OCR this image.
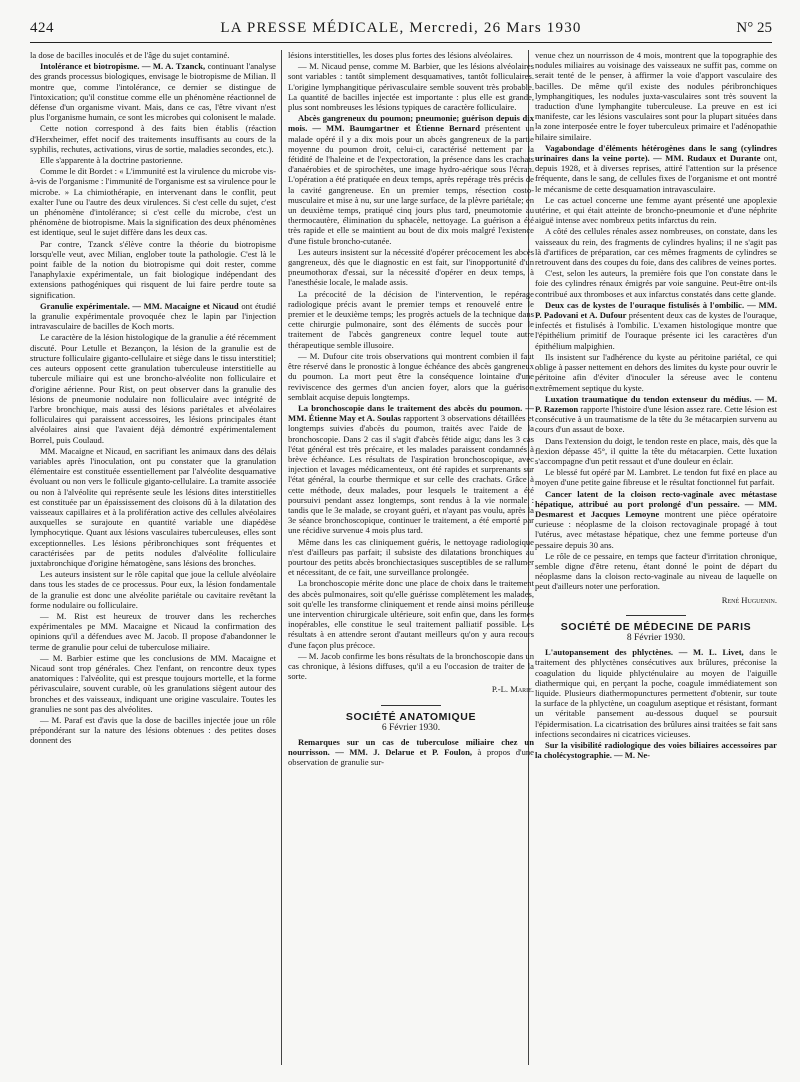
424	LA PRESSE MÉDICALE, Mercredi, 26 Mars 1930	N° 25

la dose de bacilles inoculés et de l'âge du sujet contaminé.

Intolérance et biotropisme. — M. A. Tzanck, continuant l'analyse des grands processus biologiques, envisage le biotropisme de Milian. Il montre que, comme l'intolérance, ce dernier se distingue de l'intoxication; qu'il constitue comme elle un phénomène réactionnel de défense d'un organisme vivant. Mais, dans ce cas, l'être vivant n'est plus l'organisme humain, ce sont les microbes qui colonisent le malade.

Cette notion correspond à des faits bien établis (réaction d'Herxheimer, effet nocif des traitements insuffisants au cours de la syphilis, rechutes, activations, virus de sortie, maladies secondes, etc.).

Elle s'apparente à la doctrine pastorienne.

Comme le dit Bordet : « L'immunité est la virulence du microbe vis-à-vis de l'organisme : l'immunité de l'organisme est sa virulence pour le microbe. » La chimiothérapie, en intervenant dans le conflit, peut exalter l'une ou l'autre des deux virulences. Si c'est celle du sujet, c'est un phénomène d'intolérance; si c'est celle du microbe, c'est un phénomène de biotropisme. Mais la signification des deux phénomènes est identique, seul le sujet diffère dans les deux cas.

Par contre, Tzanck s'élève contre la théorie du biotropisme lorsqu'elle veut, avec Milian, englober toute la pathologie. C'est là le point faible de la notion du biotropisme qui doit rester, comme l'anaphylaxie expérimentale, un fait biologique indépendant des extensions pathogéniques qui risquent de lui faire perdre toute sa signification.

Granulie expérimentale. — MM. Macaigne et Nicaud ont étudié la granulie expérimentale provoquée chez le lapin par l'injection intravasculaire de bacilles de Koch morts.

Le caractère de la lésion histologique de la granulie a été récemment discuté. Pour Letulle et Bezançon, la lésion de la granulie est de structure folliculaire giganto-cellulaire et siège dans le tissu interstitiel; ces auteurs opposent cette granulation tuberculeuse interstitielle au tubercule miliaire qui est une broncho-alvéolite non folliculaire et d'origine aérienne. Pour Rist, on peut observer dans la granulie des lésions de pneumonie nodulaire non folliculaire avec intégrité de l'arbre bronchique, mais aussi des lésions pariétales et alvéolaires folliculaires qui paraissent accessoires, les lésions principales étant alvéolaires ainsi que l'avaient déjà démontré expérimentalement Borrel, puis Coulaud.

MM. Macaigne et Nicaud, en sacrifiant les animaux dans des délais variables après l'inoculation, ont pu constater que la granulation élémentaire est constituée essentiellement par l'alvéolite desquamative évoluant ou non vers le follicule giganto-cellulaire. La tramite associée ou non à l'alvéolite qui représente seule les lésions dites interstitielles est constituée par un épaississement des cloisons dû à la dilatation des vaisseaux capillaires et à la prolifération active des cellules alvéolaires auxquelles se surajoute en quantité variable une diapédèse lymphocytique. Quant aux lésions vasculaires tuberculeuses, elles sont exceptionnelles. Les lésions péribronchiques sont fréquentes et caractérisées par de petits nodules d'alvéolite folliculaire juxtabronchique d'origine hématogène, sans lésions des bronches.

Les auteurs insistent sur le rôle capital que joue la cellule alvéolaire dans tous les stades de ce processus. Pour eux, la lésion fondamentale de la granulie est donc une alvéolite pariétale ou cavitaire revêtant la forme nodulaire ou folliculaire.

— M. Rist est heureux de trouver dans les recherches expérimentales pe MM. Macaigne et Nicaud la confirmation des opinions qu'il a défendues avec M. Jacob. Il propose d'abandonner le terme de granulie pour celui de tuberculose miliaire.

— M. Barbier estime que les conclusions de MM. Macaigne et Nicaud sont trop générales. Chez l'enfant, on rencontre deux types anatomiques : l'alvéolite, qui est presque toujours mortelle, et la forme périvasculaire, souvent curable, où les granulations siègent autour des bronches et des vaisseaux, indiquant une origine vasculaire. Toutes les granulies ne sont pas des alvéolites.

— M. Paraf est d'avis que la dose de bacilles injectée joue un rôle prépondérant sur la nature des lésions obtenues : des petites doses donnent des

lésions interstitielles, les doses plus fortes des lésions alvéolaires.

— M. Nicaud pense, comme M. Barbier, que les lésions alvéolaires sont variables : tantôt simplement desquamatives, tantôt folliculaires. L'origine lymphangitique périvasculaire semble souvent très probable. La quantité de bacilles injectée est importante : plus elle est grande, plus sont nombreuses les lésions typiques de caractère folliculaire.

Abcès gangreneux du poumon; pneumonie; guérison depuis dix mois. — MM. Baumgartner et Étienne Bernard présentent un malade opéré il y a dix mois pour un abcès gangreneux de la partie moyenne du poumon droit, celui-ci, caractérisé nettement par la fétidité de l'haleine et de l'expectoration, la présence dans les crachats d'anaérobies et de spirochètes, une image hydro-aérique sous l'écran. L'opération a été pratiquée en deux temps, après repérage très précis de la cavité gangreneuse. En un premier temps, résection costo-musculaire et mise à nu, sur une large surface, de la plèvre pariétale; en un deuxième temps, pratiqué cinq jours plus tard, pneumotomie au thermocautère, élimination du sphacèle, nettoyage. La guérison a été très rapide et elle se maintient au bout de dix mois malgré l'existence d'une fistule broncho-cutanée.

Les auteurs insistent sur la nécessité d'opérer précocement les abcès gangreneux, dès que le diagnostic en est fait, sur l'inopportunité d'un pneumothorax d'essai, sur la nécessité d'opérer en deux temps, à l'anesthésie locale, le malade assis.

La précocité de la décision de l'intervention, le repérage radiologique précis avant le premier temps et renouvelé entre le premier et le deuxième temps; les progrès actuels de la technique dans cette chirurgie pulmonaire, sont des éléments de succès pour le traitement de l'abcès gangreneux contre lequel toute autre thérapeutique semble illusoire.

— M. Dufour cite trois observations qui montrent combien il faut être réservé dans le pronostic à longue échéance des abcès gangreneux du poumon. La mort peut être la conséquence lointaine d'une reviviscence des germes d'un ancien foyer, alors que la guérison semblait acquise depuis longtemps.

La bronchoscopie dans le traitement des abcès du poumon. — MM. Étienne May et A. Soulas rapportent 3 observations détaillées et longtemps suivies d'abcès du poumon, traités avec l'aide de la bronchoscopie. Dans 2 cas il s'agit d'abcès fétide aigu; dans les 3 cas l'état général est très précaire, et les malades paraissent condamnés à brève échéance. Les résultats de l'aspiration bronchoscopique, avec injection et lavages médicamenteux, ont été rapides et surprenants sur l'état général, la courbe thermique et sur celle des crachats. Grâce à cette méthode, deux malades, pour lesquels le traitement a été poursuivi pendant assez longtemps, sont rendus à la vie normale : tandis que le 3e malade, se croyant guéri, et n'ayant pas voulu, après la 3e séance bronchoscopique, continuer le traitement, a été emporté par une récidive survenue 4 mois plus tard.

Même dans les cas cliniquement guéris, le nettoyage radiologique n'est d'ailleurs pas parfait; il subsiste des dilatations bronchiques au pourtour des petits abcès bronchiectasiques susceptibles de se rallumer et nécessitant, de ce fait, une surveillance prolongée.

La bronchoscopie mérite donc une place de choix dans le traitement des abcès pulmonaires, soit qu'elle guérisse complètement les malades, soit qu'elle les transforme cliniquement et rende ainsi moins périlleuse une intervention chirurgicale ultérieure, soit enfin que, dans les formes inopérables, elle constitue le seul traitement palliatif possible. Les résultats à en attendre seront d'autant meilleurs qu'on y aura recours d'une façon plus précoce.

— M. Jacob confirme les bons résultats de la bronchoscopie dans un cas chronique, à lésions diffuses, qu'il a eu l'occasion de traiter de la sorte.

P.-L. Marie.

SOCIÉTÉ ANATOMIQUE

6 Février 1930.

Remarques sur un cas de tuberculose miliaire chez un nourrisson. — MM. J. Delarue et P. Foulon, à propos d'une observation de granulie sur-

venue chez un nourrisson de 4 mois, montrent que la topographie des nodules miliaires au voisinage des vaisseaux ne suffit pas, comme on serait tenté de le penser, à affirmer la voie d'apport vasculaire des bacilles. De même qu'il existe des nodules péribronchiques lymphangitiques, les nodules juxta-vasculaires sont très souvent la traduction d'une lymphangite tuberculeuse. La preuve en est ici manifeste, car les lésions vasculaires sont pour la plupart situées dans la zone interposée entre le foyer tuberculeux primaire et l'adénopathie hilaire similaire.

Vagabondage d'éléments hétérogènes dans le sang (cylindres urinaires dans la veine porte). — MM. Rudaux et Durante ont, depuis 1928, et à diverses reprises, attiré l'attention sur la présence fréquente, dans le sang, de cellules fixes de l'organisme et ont montré le mécanisme de cette desquamation intravasculaire.

Le cas actuel concerne une femme ayant présenté une apoplexie utérine, et qui était atteinte de broncho-pneumonie et d'une néphrite aiguë intense avec nombreux petits infarctus du rein.

A côté des cellules rénales assez nombreuses, on constate, dans les vaisseaux du rein, des fragments de cylindres hyalins; il ne s'agit pas là d'artifices de préparation, car ces mêmes fragments de cylindres se retrouvent dans des coupes du foie, dans des calibres de veines portes.

C'est, selon les auteurs, la première fois que l'on constate dans le foie des cylindres rénaux émigrés par voie sanguine. Peut-être ont-ils contribué aux thromboses et aux infarctus constatés dans cette glande.

Deux cas de kystes de l'ouraque fistulisés à l'ombilic. — MM. P. Padovani et A. Dufour présentent deux cas de kystes de l'ouraque, infectés et fistulisés à l'ombilic. L'examen histologique montre que l'épithélium primitif de l'ouraque présente ici les caractères d'un épithélium malpighien.

Ils insistent sur l'adhérence du kyste au péritoine pariétal, ce qui oblige à passer nettement en dehors des limites du kyste pour ouvrir le péritoine afin d'éviter d'inoculer la séreuse avec le contenu extrêmement septique du kyste.

Luxation traumatique du tendon extenseur du médius. — M. P. Razemon rapporte l'histoire d'une lésion assez rare. Cette lésion est consécutive à un traumatisme de la tête du 3e métacarpien survenu au cours d'un assaut de boxe.

Dans l'extension du doigt, le tendon reste en place, mais, dès que la flexion dépasse 45°, il quitte la tête du métacarpien. Cette luxation s'accompagne d'un petit ressaut et d'une douleur en éclair.

Le blessé fut opéré par M. Lambret. Le tendon fut fixé en place au moyen d'une petite gaine fibreuse et le résultat fonctionnel fut parfait.

Cancer latent de la cloison recto-vaginale avec métastase hépatique, attribué au port prolongé d'un pessaire. — MM. Desmarest et Jacques Lemoyne montrent une pièce opératoire curieuse : néoplasme de la cloison rectovaginale propagé à tout l'utérus, avec métastase hépatique, chez une femme porteuse d'un pessaire depuis 30 ans.

Le rôle de ce pessaire, en temps que facteur d'irritation chronique, semble digne d'être retenu, étant donné le point de départ du néoplasme dans la cloison recto-vaginale au niveau de laquelle on peut d'ailleurs noter une perforation.

René Huguenin.

SOCIÉTÉ DE MÉDECINE DE PARIS

8 Février 1930.

L'autopansement des phlyctènes. — M. L. Livet, dans le traitement des phlyctènes consécutives aux brûlures, préconise la coagulation du liquide phlycténulaire au moyen de l'aiguille diathermique qui, en perçant la poche, coagule immédiatement son liquide. Plusieurs diathermopunctures permettent d'obtenir, sur toute la surface de la phlyctène, un coagulum aseptique et résistant, formant un véritable pansement au-dessous duquel se poursuit l'épidermisation. La cicatrisation des brûlures ainsi traitées se fait sans infections secondaires ni cicatrices vicieuses.

Sur la visibilité radiologique des voies biliaires accessoires par la cholécystographie. — M. Ne-
